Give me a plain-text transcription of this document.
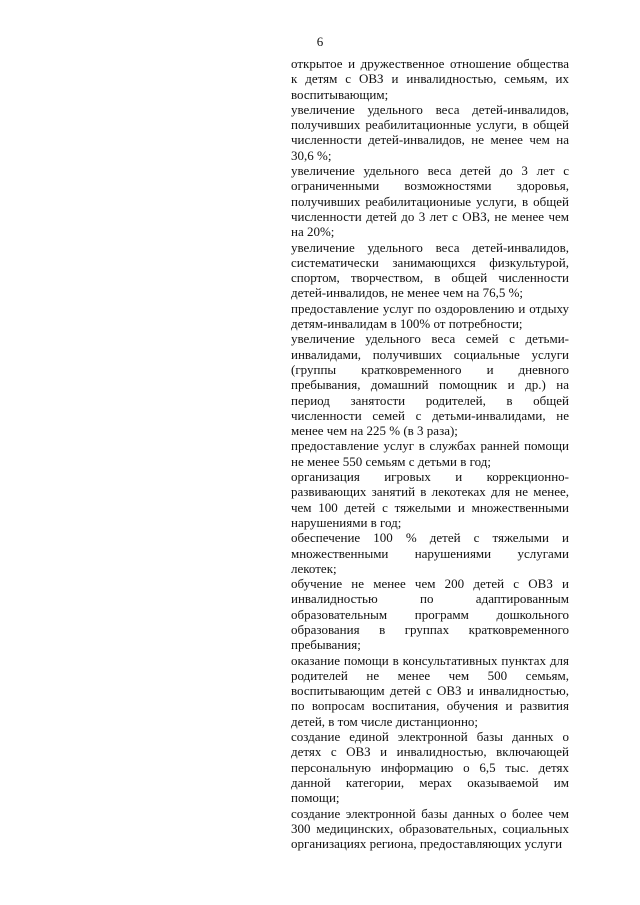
6
открытое и дружественное отношение общества к детям с ОВЗ и инвалидностью, семьям, их воспитывающим;
увеличение удельного веса детей-инвалидов, получивших реабилитационные услуги, в общей численности детей-инвалидов, не менее чем на 30,6 %;
увеличение удельного веса детей до 3 лет с ограниченными возможностями здоровья, получивших реабилитациониые услуги, в общей численности детей до 3 лет с ОВЗ, не менее чем на 20%;
увеличение удельного веса детей-инвалидов, систематически занимающихся физкультурой, спортом, творчеством, в общей численности детей-инвалидов, не менее чем на 76,5 %;
предоставление услуг по оздоровлению и отдыху детям-инвалидам в 100% от потребности;
увеличение удельного веса семей с детьми-инвалидами, получивших социальные услуги (группы кратковременного и дневного пребывания, домашний помощник и др.) на период занятости родителей, в общей численности семей с детьми-инвалидами, не менее чем на 225 % (в 3 раза);
предоставление услуг в службах ранней помощи не менее 550 семьям с детьми в год;
организация игровых и коррекционно-развивающих занятий в лекотеках для не менее, чем 100 детей с тяжелыми и множественными нарушениями в год;
обеспечение 100 % детей с тяжелыми и множественными нарушениями услугами лекотек;
обучение не менее чем 200 детей с ОВЗ и инвалидностью по адаптированным образовательным программ дошкольного образования в группах кратковременного пребывания;
оказание помощи в консультативных пунктах для родителей не менее чем 500 семьям, воспитывающим детей с ОВЗ и инвалидностью, по вопросам воспитания, обучения и развития детей, в том числе дистанционно;
создание единой электронной базы данных о детях с ОВЗ и инвалидностью, включающей персональную информацию о 6,5 тыс. детях данной категории, мерах оказываемой им помощи;
создание электронной базы данных о более чем 300 медицинских, образовательных, социальных организациях региона, предоставляющих услуги
